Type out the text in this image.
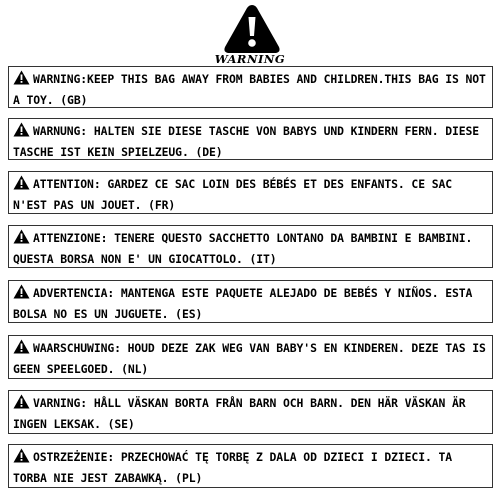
WARNING
WARNING:KEEP THIS BAG AWAY FROM BABIES AND CHILDREN.THIS BAG IS NOT A TOY. (GB)
WARNUNG: HALTEN SIE DIESE TASCHE VON BABYS UND KINDERN FERN. DIESE TASCHE IST KEIN SPIELZEUG. (DE)
ATTENTION: GARDEZ CE SAC LOIN DES BÉBÉS ET DES ENFANTS. CE SAC N'EST PAS UN JOUET. (FR)
ATTENZIONE: TENERE QUESTO SACCHETTO LONTANO DA BAMBINI E BAMBINI. QUESTA BORSA NON E' UN GIOCATTOLO. (IT)
ADVERTENCIA: MANTENGA ESTE PAQUETE ALEJADO DE BEBÉS Y NIÑOS. ESTA BOLSA NO ES UN JUGUETE. (ES)
WAARSCHUWING: HOUD DEZE ZAK WEG VAN BABY'S EN KINDEREN. DEZE TAS IS GEEN SPEELGOED. (NL)
VARNING: HÅLL VÄSKAN BORTA FRÅN BARN OCH BARN. DEN HÄR VÄSKAN ÄR INGEN LEKSAK. (SE)
OSTRZEŻENIE: PRZECHOWAĆ TĘ TORBĘ Z DALA OD DZIECI I DZIECI. TA TORBA NIE JEST ZABAWKĄ. (PL)
